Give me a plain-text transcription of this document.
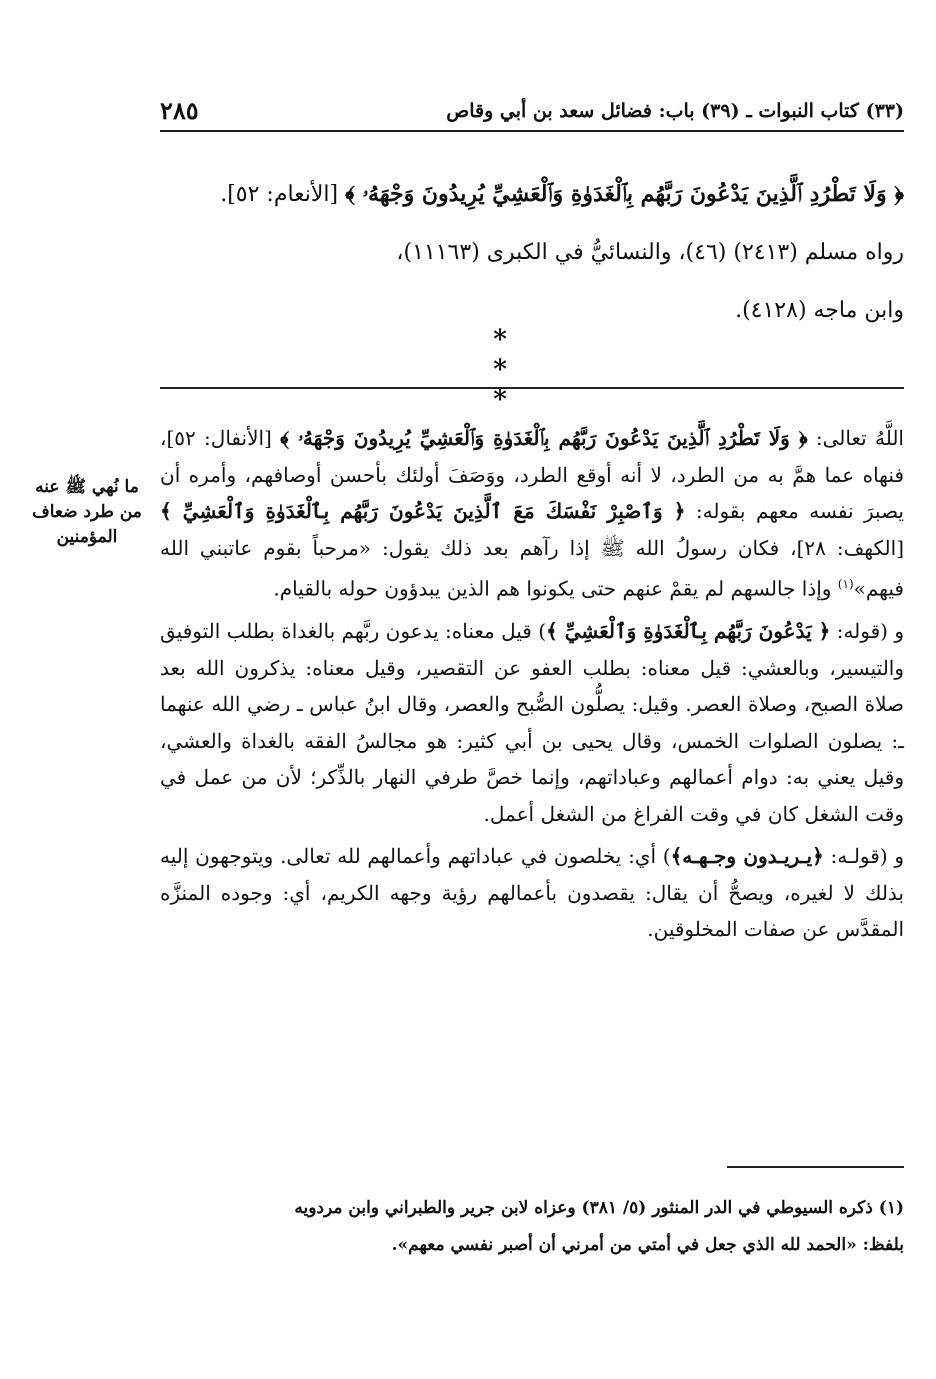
(٣٣) كتاب النبوات ـ (٣٩) باب: فضائل سعد بن أبي وقاص
٢٨٥
﴿ وَلَا تَطْرُدِ ٱلَّذِينَ يَدْعُونَ رَبَّهُم بِٱلْغَدَوٰةِ وَٱلْعَشِيِّ يُرِيدُونَ وَجْهَهُۥ ﴾ [الأنعام: ٥٢].
رواه مسلم (٢٤١٣) (٤٦)، والنسائيُّ في الكبرى (١١١٦٣)،
وابن ماجه (٤١٢٨).
* * *
ما نُهي ﷺ عنه من طرد ضعاف المؤمنين

اللَّهُ تعالى: ﴿ وَلَا تَطْرُدِ ٱلَّذِينَ يَدْعُونَ رَبَّهُم بِٱلْغَدَوٰةِ وَٱلْعَشِيِّ يُرِيدُونَ وَجْهَهُۥ ﴾ [الأنفال: ٥٢]، فنهاه عما همَّ به من الطرد، لا أنه أوقع الطرد، ووَصَفَ أولئك بأحسن أوصافهم، وأمره أن يصبرَ نفسه معهم بقوله: ﴿ وَٱصْبِرْ نَفْسَكَ مَعَ ٱلَّذِينَ يَدْعُونَ رَبَّهُم بِٱلْغَدَوٰةِ وَٱلْعَشِيِّ ﴾ [الكهف: ٢٨]، فكان رسولُ الله ﷺ إذا رآهم بعد ذلك يقول: «مرحباً بقوم عاتبني الله فيهم»$^{(١)}$ وإذا جالسهم لم يقمْ عنهم حتى يكونوا هم الذين يبدؤون حوله بالقيام.

و (قوله: ﴿ يَدْعُونَ رَبَّهُم بِٱلْغَدَوٰةِ وَٱلْعَشِيِّ ﴾) قيل معناه: يدعون ربَّهم بالغداة بطلب التوفيق والتيسير، وبالعشي: قيل معناه: بطلب العفو عن التقصير، وقيل معناه: يذكرون الله بعد صلاة الصبح، وصلاة العصر. وقيل: يصلُّون الصُّبح والعصر، وقال ابنُ عباس ـ رضي الله عنهما ـ: يصلون الصلوات الخمس، وقال يحيى بن أبي كثير: هو مجالسُ الفقه بالغداة والعشي، وقيل يعني به: دوام أعمالهم وعباداتهم، وإنما خصَّ طرفي النهار بالذِّكر؛ لأن من عمل في وقت الشغل كان في وقت الفراغ من الشغل أعمل.

و (قولـه: ﴿يـريـدون وجـهـه﴾) أي: يخلصون في عباداتهم وأعمالهم لله تعالى. ويتوجهون إليه بذلك لا لغيره، ويصحُّ أن يقال: يقصدون بأعمالهم رؤية وجهه الكريم، أي: وجوده المنزَّه المقدَّس عن صفات المخلوقين.

(١) ذكره السيوطي في الدر المنثور (٥/ ٣٨١) وعزاه لابن جرير والطبراني وابن مردويه
بلفظ: «الحمد لله الذي جعل في أمتي من أمرني أن أصبر نفسي معهم».
